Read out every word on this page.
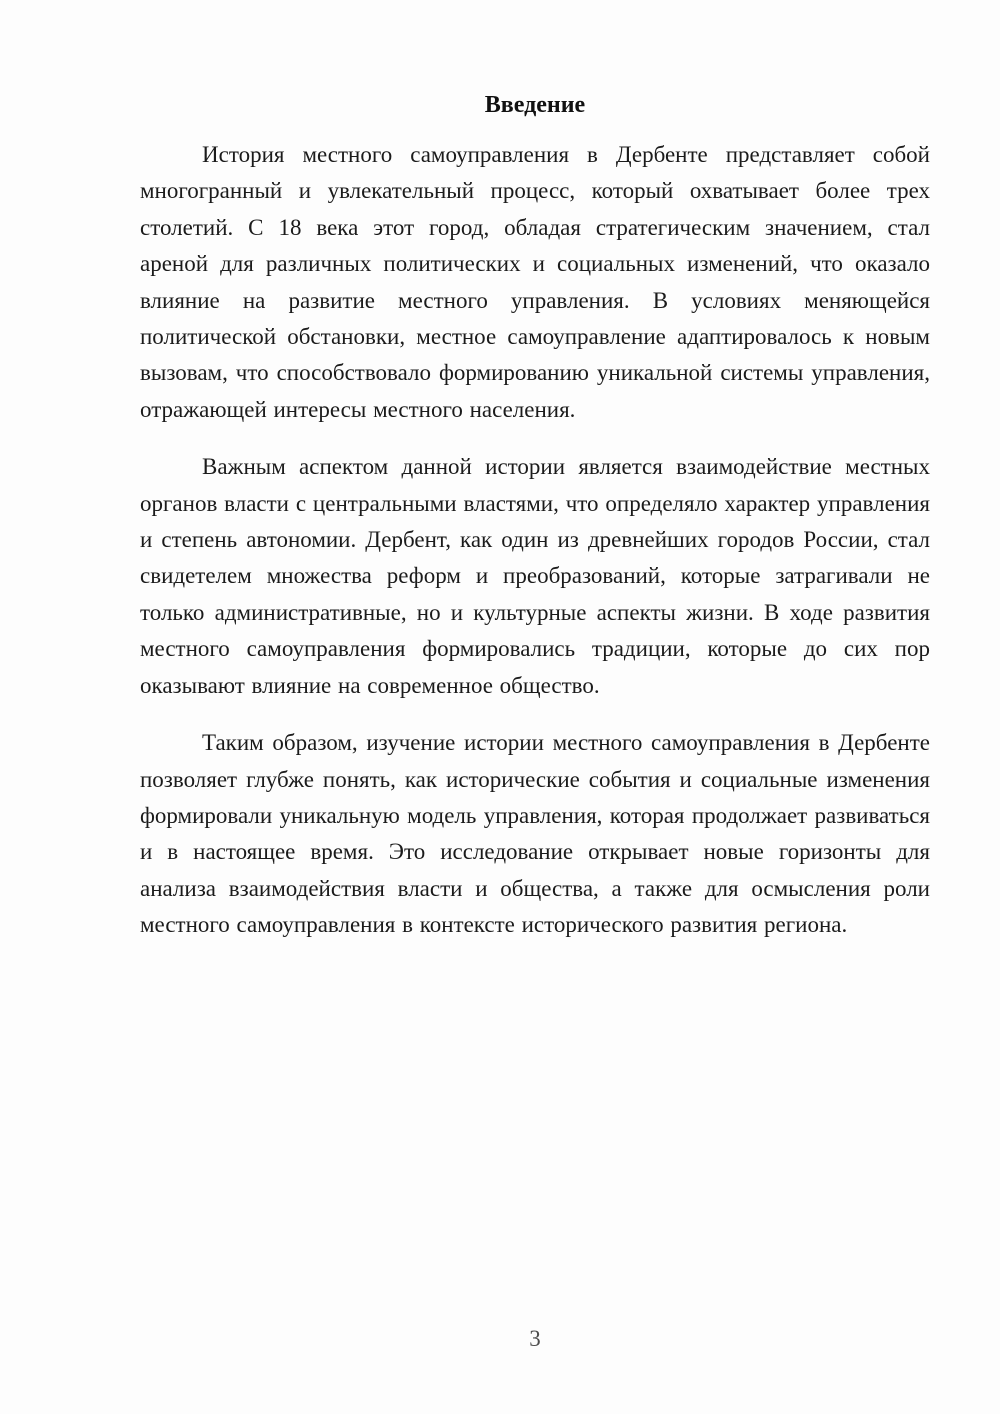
Введение

История местного самоуправления в Дербенте представляет собой многогранный и увлекательный процесс, который охватывает более трех столетий. С 18 века этот город, обладая стратегическим значением, стал ареной для различных политических и социальных изменений, что оказало влияние на развитие местного управления. В условиях меняющейся политической обстановки, местное самоуправление адаптировалось к новым вызовам, что способствовало формированию уникальной системы управления, отражающей интересы местного населения.

Важным аспектом данной истории является взаимодействие местных органов власти с центральными властями, что определяло характер управления и степень автономии. Дербент, как один из древнейших городов России, стал свидетелем множества реформ и преобразований, которые затрагивали не только административные, но и культурные аспекты жизни. В ходе развития местного самоуправления формировались традиции, которые до сих пор оказывают влияние на современное общество.

Таким образом, изучение истории местного самоуправления в Дербенте позволяет глубже понять, как исторические события и социальные изменения формировали уникальную модель управления, которая продолжает развиваться и в настоящее время. Это исследование открывает новые горизонты для анализа взаимодействия власти и общества, а также для осмысления роли местного самоуправления в контексте исторического развития региона.

3
